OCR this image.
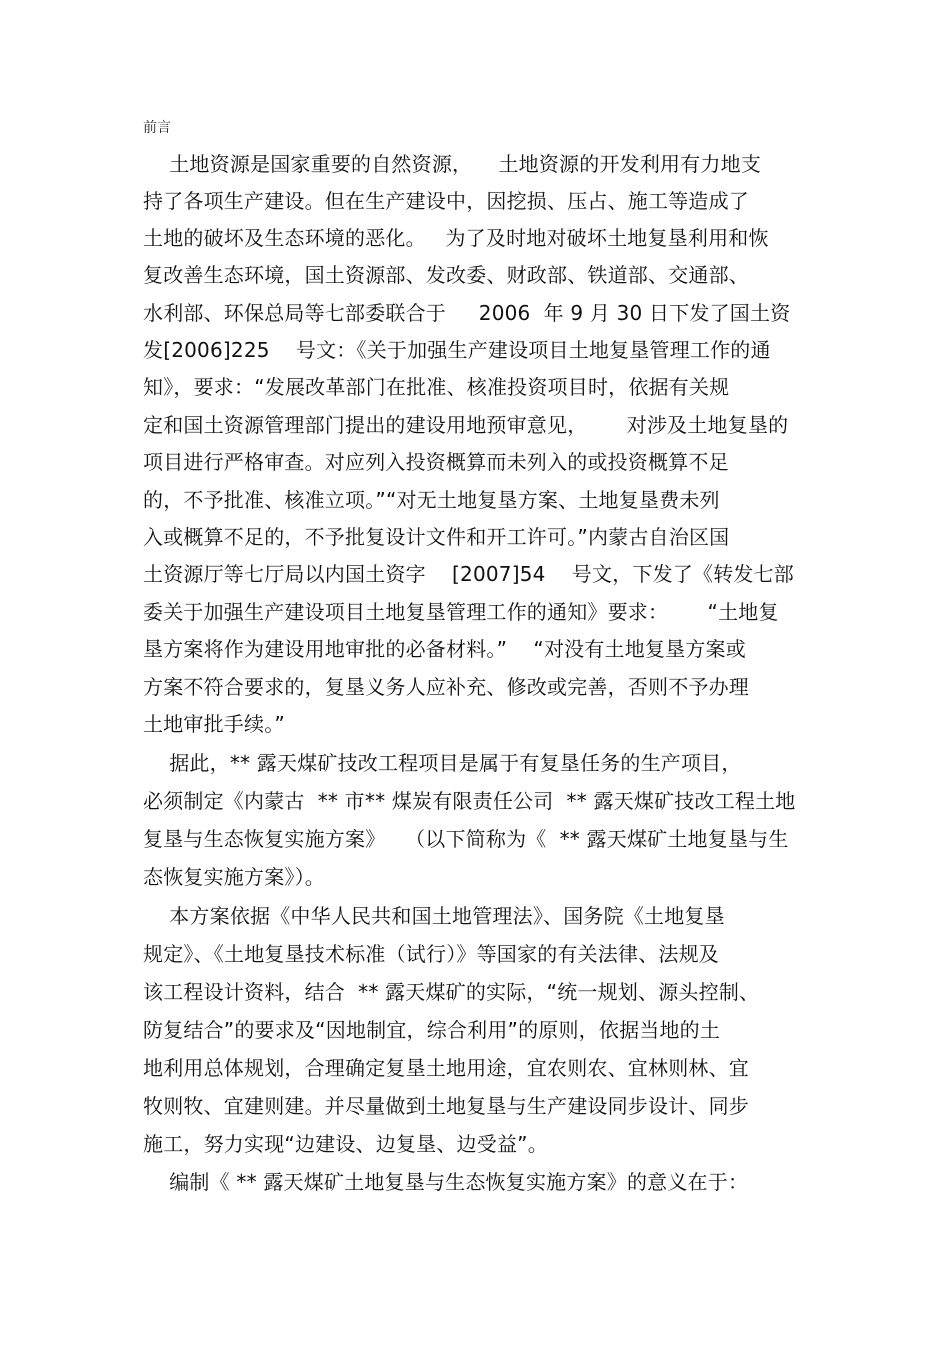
前言
土地资源是国家重要的自然资源，    土地资源的开发利用有力地支
持了各项生产建设。但在生产建设中，因挖损、压占、施工等造成了
土地的破坏及生态环境的恶化。   为了及时地对破坏土地复垦利用和恢
复改善生态环境，国土资源部、发改委、财政部、铁道部、交通部、
水利部、环保总局等七部委联合于     2006  年 9 月 30 日下发了国土资
发[2006]225    号文：《关于加强生产建设项目土地复垦管理工作的通
知》，要求：“发展改革部门在批准、核准投资项目时，依据有关规
定和国土资源管理部门提出的建设用地预审意见，      对涉及土地复垦的
项目进行严格审查。对应列入投资概算而未列入的或投资概算不足
的，不予批准、核准立项。”“对无土地复垦方案、土地复垦费未列
入或概算不足的，不予批复设计文件和开工许可。”内蒙古自治区国
土资源厅等七厅局以内国土资字    [2007]54    号文，下发了《转发七部
委关于加强生产建设项目土地复垦管理工作的通知》要求：      “土地复
垦方案将作为建设用地审批的必备材料。”    “对没有土地复垦方案或
方案不符合要求的，复垦义务人应补充、修改或完善，否则不予办理
土地审批手续。”
据此，** 露天煤矿技改工程项目是属于有复垦任务的生产项目，
必须制定《内蒙古  ** 市** 煤炭有限责任公司  ** 露天煤矿技改工程土地
复垦与生态恢复实施方案》   （以下简称为《  ** 露天煤矿土地复垦与生
态恢复实施方案》）。
本方案依据《中华人民共和国土地管理法》、国务院《土地复垦
规定》、《土地复垦技术标准（试行）》等国家的有关法律、法规及
该工程设计资料，结合  ** 露天煤矿的实际，“统一规划、源头控制、
防复结合”的要求及“因地制宜，综合利用”的原则，依据当地的土
地利用总体规划，合理确定复垦土地用途，宜农则农、宜林则林、宜
牧则牧、宜建则建。并尽量做到土地复垦与生产建设同步设计、同步
施工，努力实现“边建设、边复垦、边受益”。
编制《 ** 露天煤矿土地复垦与生态恢复实施方案》的意义在于：
